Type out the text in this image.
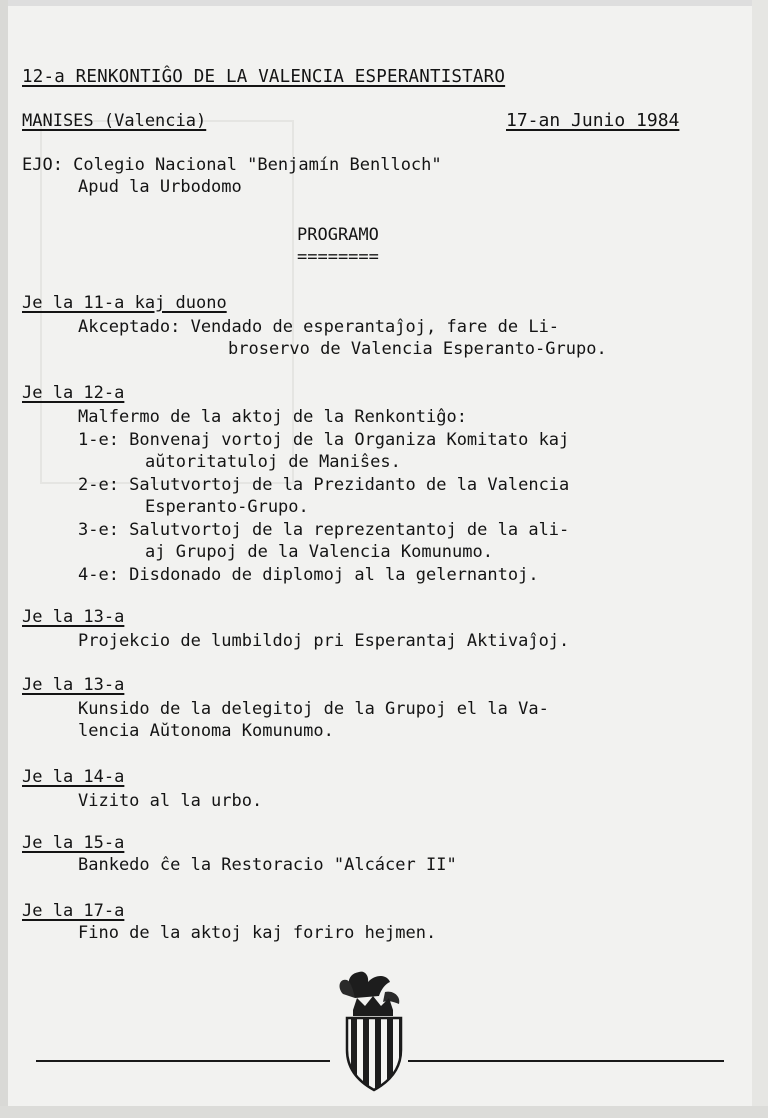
12-a RENKONTIĜO DE LA VALENCIA ESPERANTISTARO
MANISES (Valencia)	17-an Junio 1984
EJO: Colegio Nacional "Benjamín Benlloch"
Apud la Urbodomo
PROGRAMO
========
Je la 11-a kaj duono
Akceptado: Vendado de esperantaĵoj, fare de Li-
broservo de Valencia Esperanto-Grupo.
Je la 12-a
Malfermo de la aktoj de la Renkontiĝo:
1-e: Bonvenaj vortoj de la Organiza Komitato kaj
aŭtoritatuloj de Maniŝes.
2-e: Salutvortoj de la Prezidanto de la Valencia
Esperanto-Grupo.
3-e: Salutvortoj de la reprezentantoj de la ali-
aj Grupoj de la Valencia Komunumo.
4-e: Disdonado de diplomoj al la gelernantoj.
Je la 13-a
Projekcio de lumbildoj pri Esperantaj Aktivaĵoj.
Je la 13-a
Kunsido de la delegitoj de la Grupoj el la Va-
lencia Aŭtonoma Komunumo.
Je la 14-a
Vizito al la urbo.
Je la 15-a
Bankedo ĉe la Restoracio "Alcácer II"
Je la 17-a
Fino de la aktoj kaj foriro hejmen.
